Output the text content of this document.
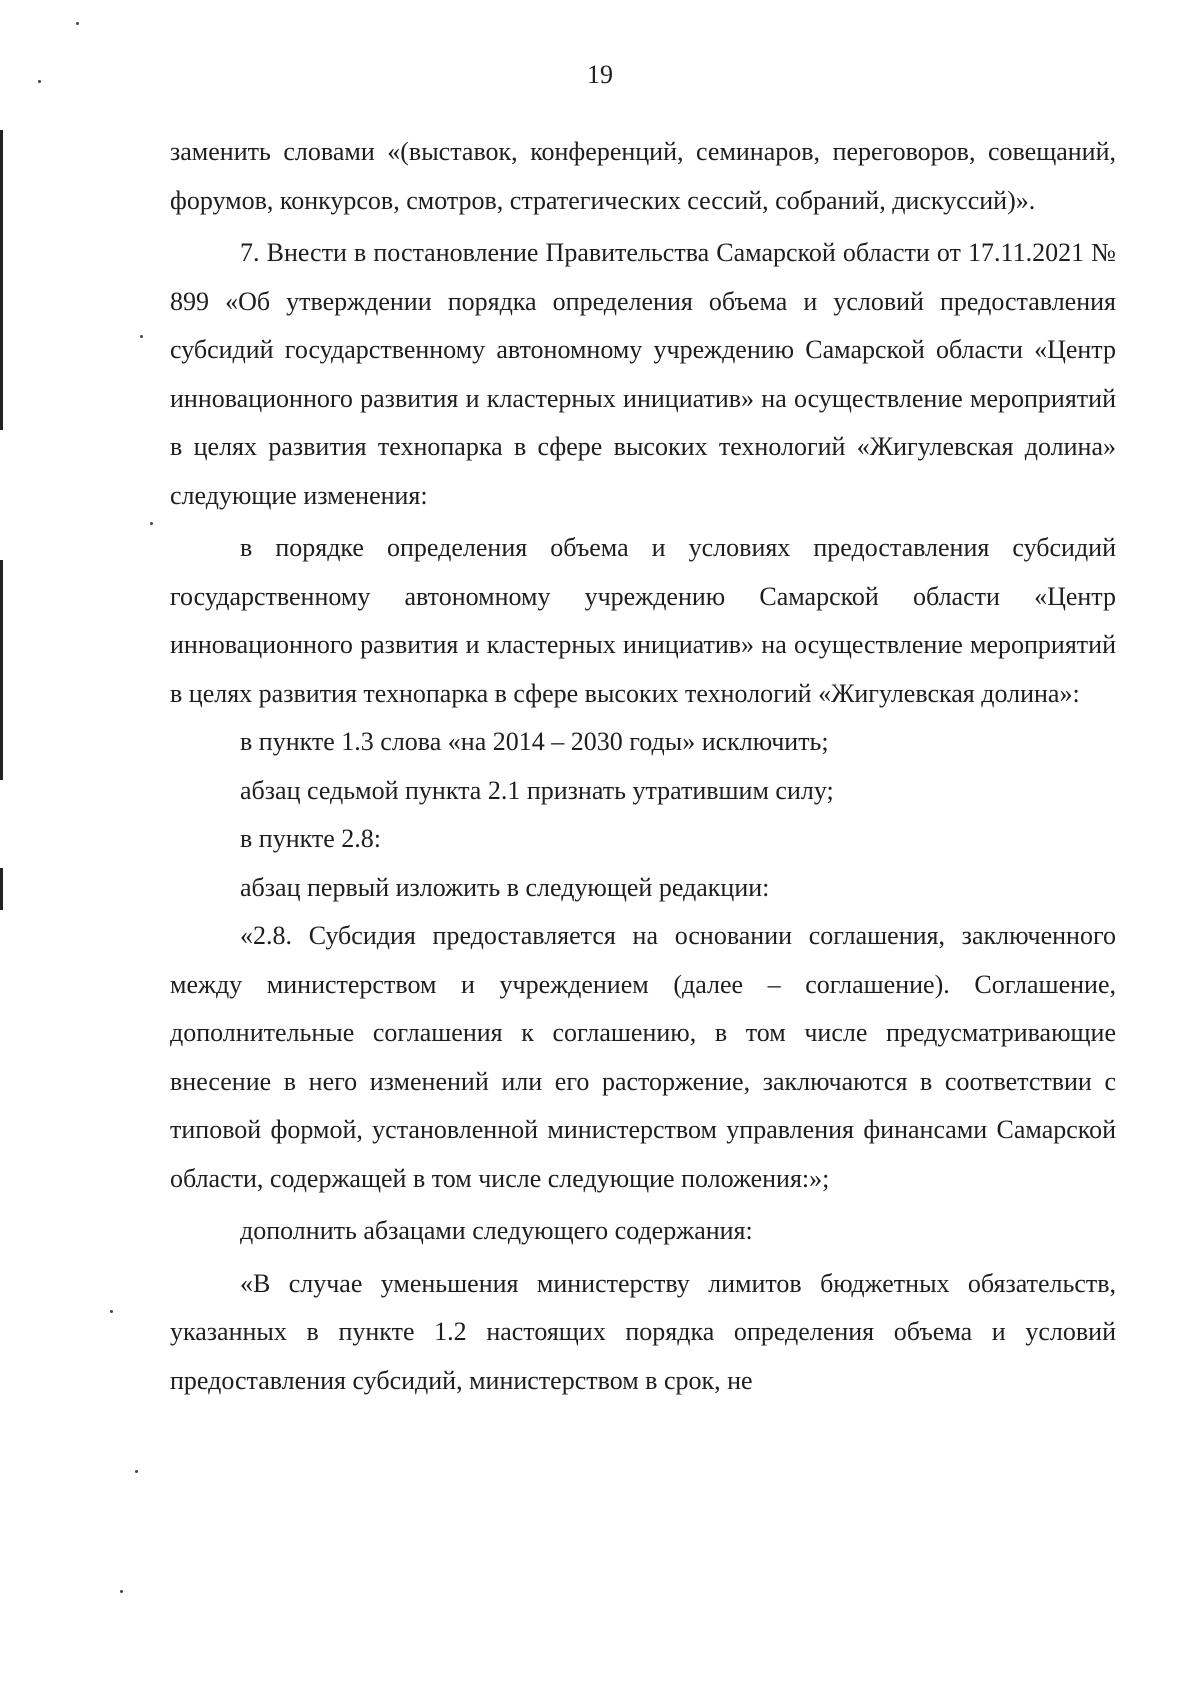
19

заменить словами «(выставок, конференций, семинаров, переговоров, совещаний, форумов, конкурсов, смотров, стратегических сессий, собраний, дискуссий)».

7. Внести в постановление Правительства Самарской области от 17.11.2021 № 899 «Об утверждении порядка определения объема и условий предоставления субсидий государственному автономному учреждению Самарской области «Центр инновационного развития и кластерных инициатив» на осуществление мероприятий в целях развития технопарка в сфере высоких технологий «Жигулевская долина» следующие изменения:

в порядке определения объема и условиях предоставления субсидий государственному автономному учреждению Самарской области «Центр инновационного развития и кластерных инициатив» на осуществление мероприятий в целях развития технопарка в сфере высоких технологий «Жигулевская долина»:

в пункте 1.3 слова «на 2014 – 2030 годы» исключить;

абзац седьмой пункта 2.1 признать утратившим силу;

в пункте 2.8:

абзац первый изложить в следующей редакции:

«2.8. Субсидия предоставляется на основании соглашения, заключенного между министерством и учреждением (далее – соглашение). Соглашение, дополнительные соглашения к соглашению, в том числе предусматривающие внесение в него изменений или его расторжение, заключаются в соответствии с типовой формой, установленной министерством управления финансами Самарской области, содержащей в том числе следующие положения:»;

дополнить абзацами следующего содержания:

«В случае уменьшения министерству лимитов бюджетных обязательств, указанных в пункте 1.2 настоящих порядка определения объема и условий предоставления субсидий, министерством в срок, не
